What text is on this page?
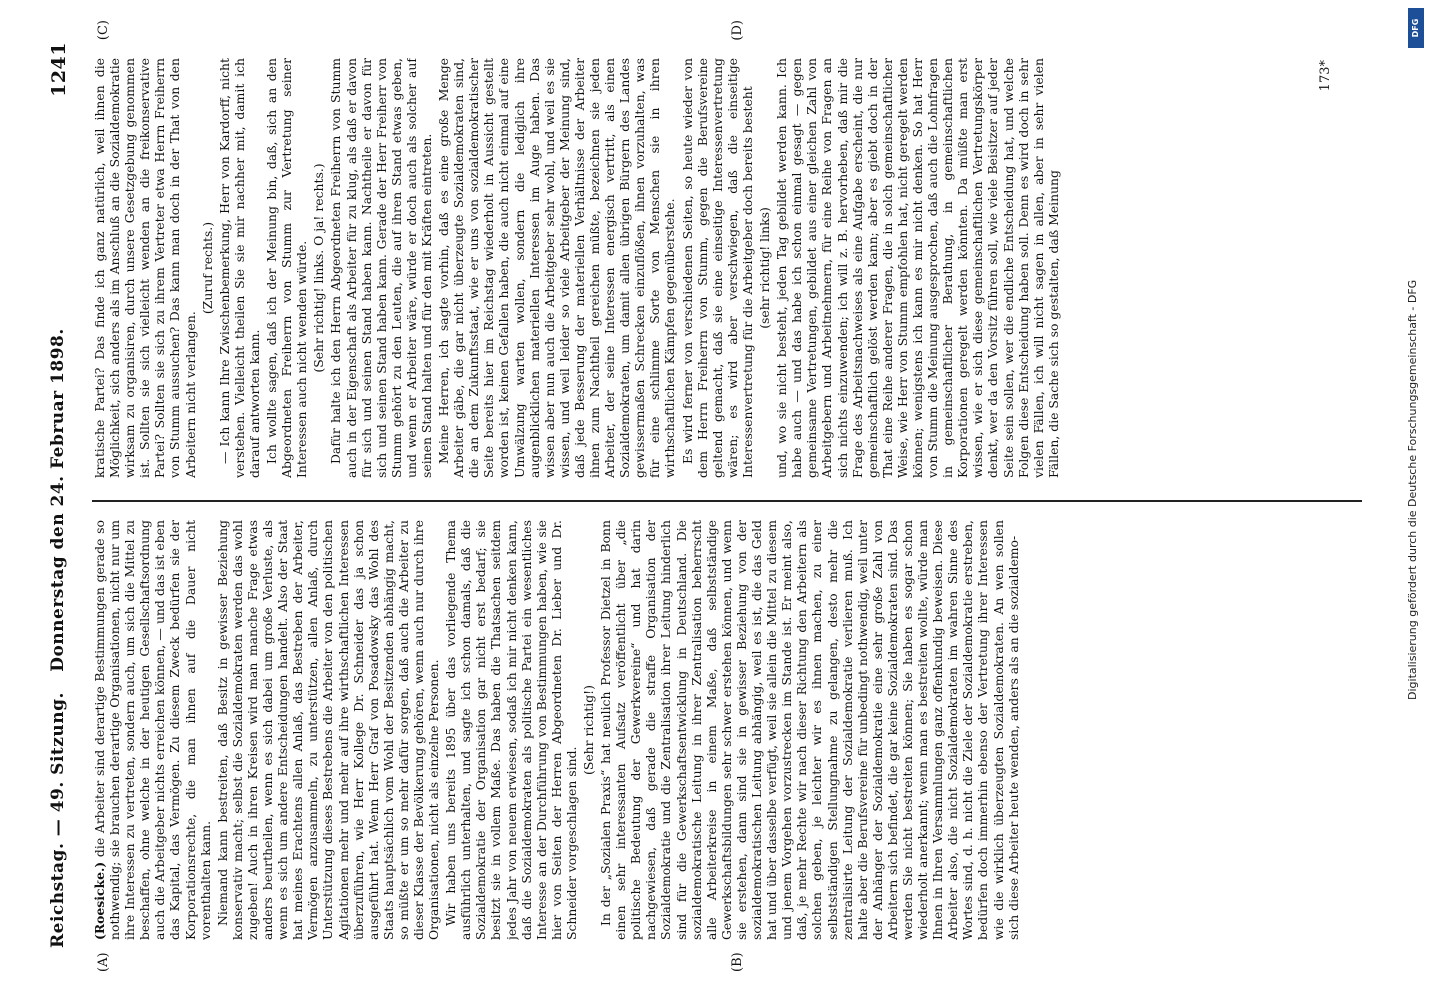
Reichstag. — 49. Sitzung.
Donnerstag den 24. Februar 1898.
1241
(A)	(B)
(C)	(D)

(Roesicke.) die Arbeiter sind derartige Bestimmungen gerade so nothwendig; sie brauchen derartige Organisationen, nicht nur um ihre Interessen zu vertreten, sondern auch, um sich die Mittel zu beschaffen, ohne welche in der heutigen Gesellschaftsordnung auch die Arbeitgeber nichts erreichen können, — und das ist eben das Kapital, das Vermögen. Zu diesem Zweck bedürfen sie der Korporationsrechte, die man ihnen auf die Dauer nicht vorenthalten kann. Niemand kann bestreiten, daß Besitz in gewisser Beziehung konservativ macht; selbst die Sozialdemokraten werden das wohl zugeben! Auch in ihren Kreisen wird man manche Frage etwas anders beurtheilen, wenn es sich dabei um große Verluste, als wenn es sich um andere Entscheidungen handelt. Also der Staat hat meines Erachtens allen Anlaß, das Bestreben der Arbeiter, Vermögen anzusammeln, zu unterstützen, allen Anlaß, durch Unterstützung dieses Bestrebens die Arbeiter von den politischen Agitationen mehr und mehr auf ihre wirthschaftlichen Interessen überzuführen, wie Herr Kollege Dr. Schneider das ja schon ausgeführt hat. Wenn Herr Graf von Posadowsky das Wohl des Staats hauptsächlich vom Wohl der Besitzenden abhängig macht, so müßte er um so mehr dafür sorgen, daß auch die Arbeiter zu dieser Klasse der Bevölkerung gehören, wenn auch nur durch ihre Organisationen, nicht als einzelne Personen. Wir haben uns bereits 1895 über das vorliegende Thema ausführlich unterhalten, und sagte ich schon damals, daß die Sozialdemokratie der Organisation gar nicht erst bedarf; sie besitzt sie in vollem Maße. Das haben die Thatsachen seitdem jedes Jahr von neuem erwiesen, sodaß ich mir nicht denken kann, daß die Sozialdemokraten als politische Partei ein wesentliches Interesse an der Durchführung von Bestimmungen haben, wie sie hier von Seiten der Herren Abgeordneten Dr. Lieber und Dr. Schneider vorgeschlagen sind.

(Sehr richtig!) In der „Sozialen Praxis“ hat neulich Professor Dietzel in Bonn einen sehr interessanten Aufsatz veröffentlicht über „die politische Bedeutung der Gewerkvereine“ und hat darin nachgewiesen, daß gerade die straffe Organisation der Sozialdemokratie und die Zentralisation ihrer Leitung hinderlich sind für die Gewerkschaftsentwicklung in Deutschland. Die sozialdemokratische Leitung in ihrer Zentralisation beherrscht alle Arbeiterkreise in einem Maße, daß selbstständige Gewerkschaftsbildungen sehr schwer erstehen können, und wenn sie erstehen, dann sind sie in gewisser Beziehung von der sozialdemokratischen Leitung abhängig, weil es ist, die das Geld hat und über dasselbe verfügt, weil sie allein die Mittel zu diesem und jenem Vorgehen vorzustrecken im Stande ist. Er meint also, daß, je mehr Rechte wir nach dieser Richtung den Arbeitern als solchen geben, je leichter wir es ihnen machen, zu einer selbstständigen Stellungnahme zu gelangen, desto mehr die zentralisirte Leitung der Sozialdemokratie verlieren muß. Ich halte aber die Berufsvereine für unbedingt nothwendig, weil unter der Anhänger der Sozialdemokratie eine sehr große Zahl von Arbeitern sich befindet, die gar keine Sozialdemokraten sind. Das werden Sie nicht bestreiten können; Sie haben es sogar schon wiederholt anerkannt; wenn man es bestreiten wollte, würde man Ihnen in Ihren Versammlungen ganz offenkundig beweisen. Diese Arbeiter also, die nicht Sozialdemokraten im wahren Sinne des Wortes sind, d. h. nicht die Ziele der Sozialdemokratie erstreben, bedürfen doch immerhin ebenso der Vertretung ihrer Interessen wie die wirklich überzeugten Sozialdemokraten. An wen sollen sich diese Arbeiter heute wenden, anders als an die sozialdemo-

kratische Partei? Das finde ich ganz natürlich, weil ihnen die Möglichkeit, sich anders als im Anschluß an die Sozialdemokratie wirksam zu organisiren, durch unsere Gesetzgebung genommen ist. Sollten sie sich vielleicht wenden an die freikonservative Partei? Sollten sie sich zu ihrem Vertreter etwa Herrn Freiherrn von Stumm aussuchen? Das kann man doch in der That von den Arbeitern nicht verlangen.

(Zuruf rechts.) — Ich kann Ihre Zwischenbemerkung, Herr von Kardorff, nicht verstehen. Vielleicht theilen Sie sie mir nachher mit, damit ich darauf antworten kann. Ich wollte sagen, daß ich der Meinung bin, daß, sich an den Abgeordneten Freiherrn von Stumm zur Vertretung seiner Interessen auch nicht wenden würde. (Sehr richtig! links. O ja! rechts.) Dafür halte ich den Herrn Abgeordneten Freiherrn von Stumm auch in der Eigenschaft als Arbeiter für zu klug, als daß er davon für sich und seinen Stand haben kann. Nachtheile er davon für sich und seinen Stand haben kann. Gerade der Herr Freiherr von Stumm gehört zu den Leuten, die auf ihren Stand etwas geben, und wenn er Arbeiter wäre, würde er doch auch als solcher auf seinen Stand halten und für den mit Kräften eintreten. Meine Herren, ich sagte vorhin, daß es eine große Menge Arbeiter gäbe, die gar nicht überzeugte Sozialdemokraten sind, die an dem Zukunftsstaat, wie er uns von sozialdemokratischer Seite bereits hier im Reichstag wiederholt in Aussicht gestellt worden ist, keinen Gefallen haben, die auch nicht einmal auf eine Umwälzung warten wollen, sondern die lediglich ihre augenblicklichen materiellen Interessen im Auge haben. Das wissen aber nun auch die Arbeitgeber sehr wohl, und weil es sie wissen, und weil leider so viele Arbeitgeber der Meinung sind, daß jede Besserung der materiellen Verhältnisse der Arbeiter ihnen zum Nachtheil gereichen müßte, bezeichnen sie jeden Arbeiter, der seine Interessen energisch vertritt, als einen Sozialdemokraten, um damit allen übrigen Bürgern des Landes gewissermaßen Schrecken einzuflößen, ihnen vorzuhalten, was für eine schlimme Sorte von Menschen sie in ihren wirthschaftlichen Kämpfen gegenüberstehe. Es wird ferner von verschiedenen Seiten, so heute wieder von dem Herrn Freiherrn von Stumm, gegen die Berufsvereine geltend gemacht, daß sie eine einseitige Interessenvertretung wären; es wird aber verschwiegen, daß die einseitige Interessenvertretung für die Arbeitgeber doch bereits besteht (sehr richtig! links) und, wo sie nicht besteht, jeden Tag gebildet werden kann. Ich habe auch — und das habe ich schon einmal gesagt — gegen gemeinsame Vertretungen, gebildet aus einer gleichen Zahl von Arbeitgebern und Arbeitnehmern, für eine Reihe von Fragen an sich nichts einzuwenden; ich will z. B. hervorheben, daß mir die Frage des Arbeitsnachweises als eine Aufgabe erscheint, die nur gemeinschaftlich gelöst werden kann; aber es giebt doch in der That eine Reihe anderer Fragen, die in solch gemeinschaftlicher Weise, wie Herr von Stumm empfohlen hat, nicht geregelt werden können; wenigstens ich kann es mir nicht denken. So hat Herr von Stumm die Meinung ausgesprochen, daß auch die Lohnfragen in gemeinschaftlicher Berathung, in gemeinschaftlichen Korporationen geregelt werden könnten. Da müßte man erst wissen, wie er sich diese gemeinschaftlichen Vertretungskörper denkt, wer da den Vorsitz führen soll, wie viele Beisitzer auf jeder Seite sein sollen, wer die endliche Entscheidung hat, und welche Folgen diese Entscheidung haben soll. Denn es wird doch in sehr vielen Fällen, ich will nicht sagen in allen, aber in sehr vielen Fällen, die Sache sich so gestalten, daß Meinung

173*
DFG
Digitalisierung gefördert durch die Deutsche Forschungsgemeinschaft - DFG
